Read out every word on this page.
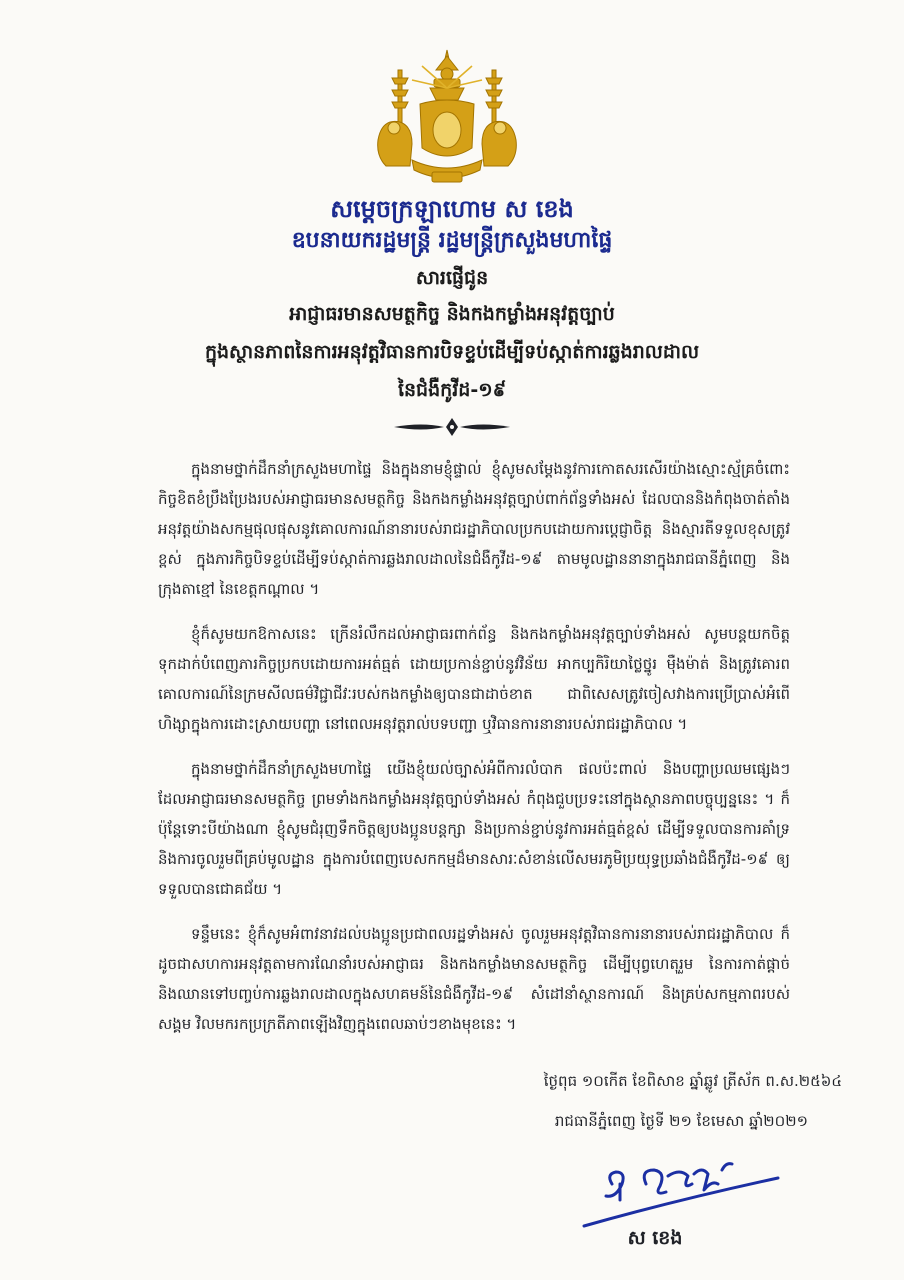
សម្តេចក្រឡាហោម ស ខេង
ឧបនាយករដ្ឋមន្ត្រី រដ្ឋមន្ត្រីក្រសួងមហាផ្ទៃ
សារផ្ញើជូន
អាជ្ញាធរមានសមត្ថកិច្ច និងកងកម្លាំងអនុវត្តច្បាប់
ក្នុងស្ថានភាពនៃការអនុវត្តវិធានការបិទខ្ទប់ដើម្បីទប់ស្កាត់ការឆ្លងរាលដាល
នៃជំងឺកូវីដ-១៩

ក្នុងនាមថ្នាក់ដឹកនាំក្រសួងមហាផ្ទៃ និងក្នុងនាមខ្ញុំផ្ទាល់ ខ្ញុំសូមសម្តែងនូវការកោតសរសើរយ៉ាងស្មោះស្ម័គ្រចំពោះកិច្ចខិតខំប្រឹងប្រែងរបស់អាជ្ញាធរមានសមត្ថកិច្ច និងកងកម្លាំងអនុវត្តច្បាប់ពាក់ព័ន្ធទាំងអស់ ដែលបាននិងកំពុងចាត់តាំងអនុវត្តយ៉ាងសកម្មផុលផុសនូវគោលការណ៍នានារបស់រាជរដ្ឋាភិបាលប្រកបដោយការប្តេជ្ញាចិត្ត និងស្មារតីទទួលខុសត្រូវខ្ពស់ ក្នុងភារកិច្ចបិទខ្ទប់ដើម្បីទប់ស្កាត់ការឆ្លងរាលដាលនៃជំងឺកូវីដ-១៩ តាមមូលដ្ឋាននានាក្នុងរាជធានីភ្នំពេញ និងក្រុងតាខ្មៅ នៃខេត្តកណ្តាល ។

ខ្ញុំក៏សូមយកឱកាសនេះ ក្រើនរំលឹកដល់អាជ្ញាធរពាក់ព័ន្ធ និងកងកម្លាំងអនុវត្តច្បាប់ទាំងអស់ សូមបន្តយកចិត្តទុកដាក់បំពេញភារកិច្ចប្រកបដោយការអត់ធ្មត់ ដោយប្រកាន់ខ្ជាប់នូវវិន័យ អាកប្បកិរិយាថ្លៃថ្នូរ ម៉ឺងម៉ាត់ និងត្រូវគោរពគោលការណ៍នៃក្រមសីលធម៌វិជ្ជាជីវៈរបស់កងកម្លាំងឲ្យបានជាដាច់ខាត ជាពិសេសត្រូវចៀសវាងការប្រើប្រាស់អំពើហិង្សាក្នុងការដោះស្រាយបញ្ហា នៅពេលអនុវត្តរាល់បទបញ្ជា ឬវិធានការនានារបស់រាជរដ្ឋាភិបាល ។

ក្នុងនាមថ្នាក់ដឹកនាំក្រសួងមហាផ្ទៃ យើងខ្ញុំយល់ច្បាស់អំពីការលំបាក ផលប៉ះពាល់ និងបញ្ហាប្រឈមផ្សេងៗ ដែលអាជ្ញាធរមានសមត្ថកិច្ច ព្រមទាំងកងកម្លាំងអនុវត្តច្បាប់ទាំងអស់ កំពុងជួបប្រទះនៅក្នុងស្ថានភាពបច្ចុប្បន្ននេះ ។ ក៏ប៉ុន្តែទោះបីយ៉ាងណា ខ្ញុំសូមជំរុញទឹកចិត្តឲ្យបងប្អូនបន្តក្សា និងប្រកាន់ខ្ជាប់នូវការអត់ធ្មត់ខ្ពស់ ដើម្បីទទួលបានការគាំទ្រ និងការចូលរួមពីគ្រប់មូលដ្ឋាន ក្នុងការបំពេញបេសកកម្មដ៏មានសារៈសំខាន់លើសមរភូមិប្រយុទ្ធប្រឆាំងជំងឺកូវីដ-១៩ ឲ្យទទួលបានជោគជ័យ ។

ទន្ទឹមនេះ ខ្ញុំក៏សូមអំពាវនាវដល់បងប្អូនប្រជាពលរដ្ឋទាំងអស់ ចូលរួមអនុវត្តវិធានការនានារបស់រាជរដ្ឋាភិបាល ក៏ដូចជាសហការអនុវត្តតាមការណែនាំរបស់អាជ្ញាធរ និងកងកម្លាំងមានសមត្ថកិច្ច ដើម្បីបុព្វហេតុរួម នៃការកាត់ផ្តាច់ និងឈានទៅបញ្ចប់ការឆ្លងរាលដាលក្នុងសហគមន៍នៃជំងឺកូវីដ-១៩ សំដៅនាំស្ថានការណ៍ និងគ្រប់សកម្មភាពរបស់សង្គម វិលមករកប្រក្រតីភាពឡើងវិញក្នុងពេលឆាប់ៗខាងមុខនេះ ។

ថ្ងៃពុធ ១០កើត ខែពិសាខ ឆ្នាំឆ្លូវ ត្រីស័ក ព.ស.២៥៦៤
រាជធានីភ្នំពេញ ថ្ងៃទី ២១ ខែមេសា ឆ្នាំ២០២១
ស ខេង
